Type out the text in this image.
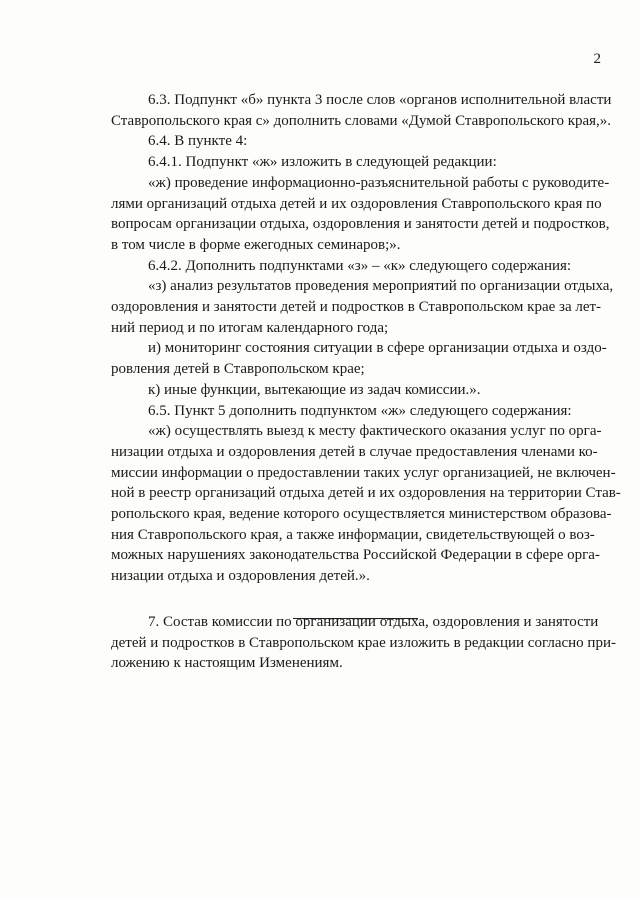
2
6.3. Подпункт «б» пункта 3 после слов «органов исполнительной власти
Ставропольского края с» дополнить словами «Думой Ставропольского края,».
6.4. В пункте 4:
6.4.1. Подпункт «ж» изложить в следующей редакции:
«ж) проведение информационно-разъяснительной работы с руководите-
лями организаций отдыха детей и их оздоровления Ставропольского края по
вопросам организации отдыха, оздоровления и занятости детей и подростков,
в том числе в форме ежегодных семинаров;».
6.4.2. Дополнить подпунктами «з» – «к» следующего содержания:
«з) анализ результатов проведения мероприятий по организации отдыха,
оздоровления и занятости детей и подростков в Ставропольском крае за лет-
ний период и по итогам календарного года;
и) мониторинг состояния ситуации в сфере организации отдыха и оздо-
ровления детей в Ставропольском крае;
к) иные функции, вытекающие из задач комиссии.».
6.5. Пункт 5 дополнить подпунктом «ж» следующего содержания:
«ж) осуществлять выезд к месту фактического оказания услуг по орга-
низации отдыха и оздоровления детей в случае предоставления членами ко-
миссии информации о предоставлении таких услуг организацией, не включен-
ной в реестр организаций отдыха детей и их оздоровления на территории Став-
ропольского края, ведение которого осуществляется министерством образова-
ния Ставропольского края, а также информации, свидетельствующей о воз-
можных нарушениях законодательства Российской Федерации в сфере орга-
низации отдыха и оздоровления детей.».
7. Состав комиссии по организации отдыха, оздоровления и занятости
детей и подростков в Ставропольском крае изложить в редакции согласно при-
ложению к настоящим Изменениям.
